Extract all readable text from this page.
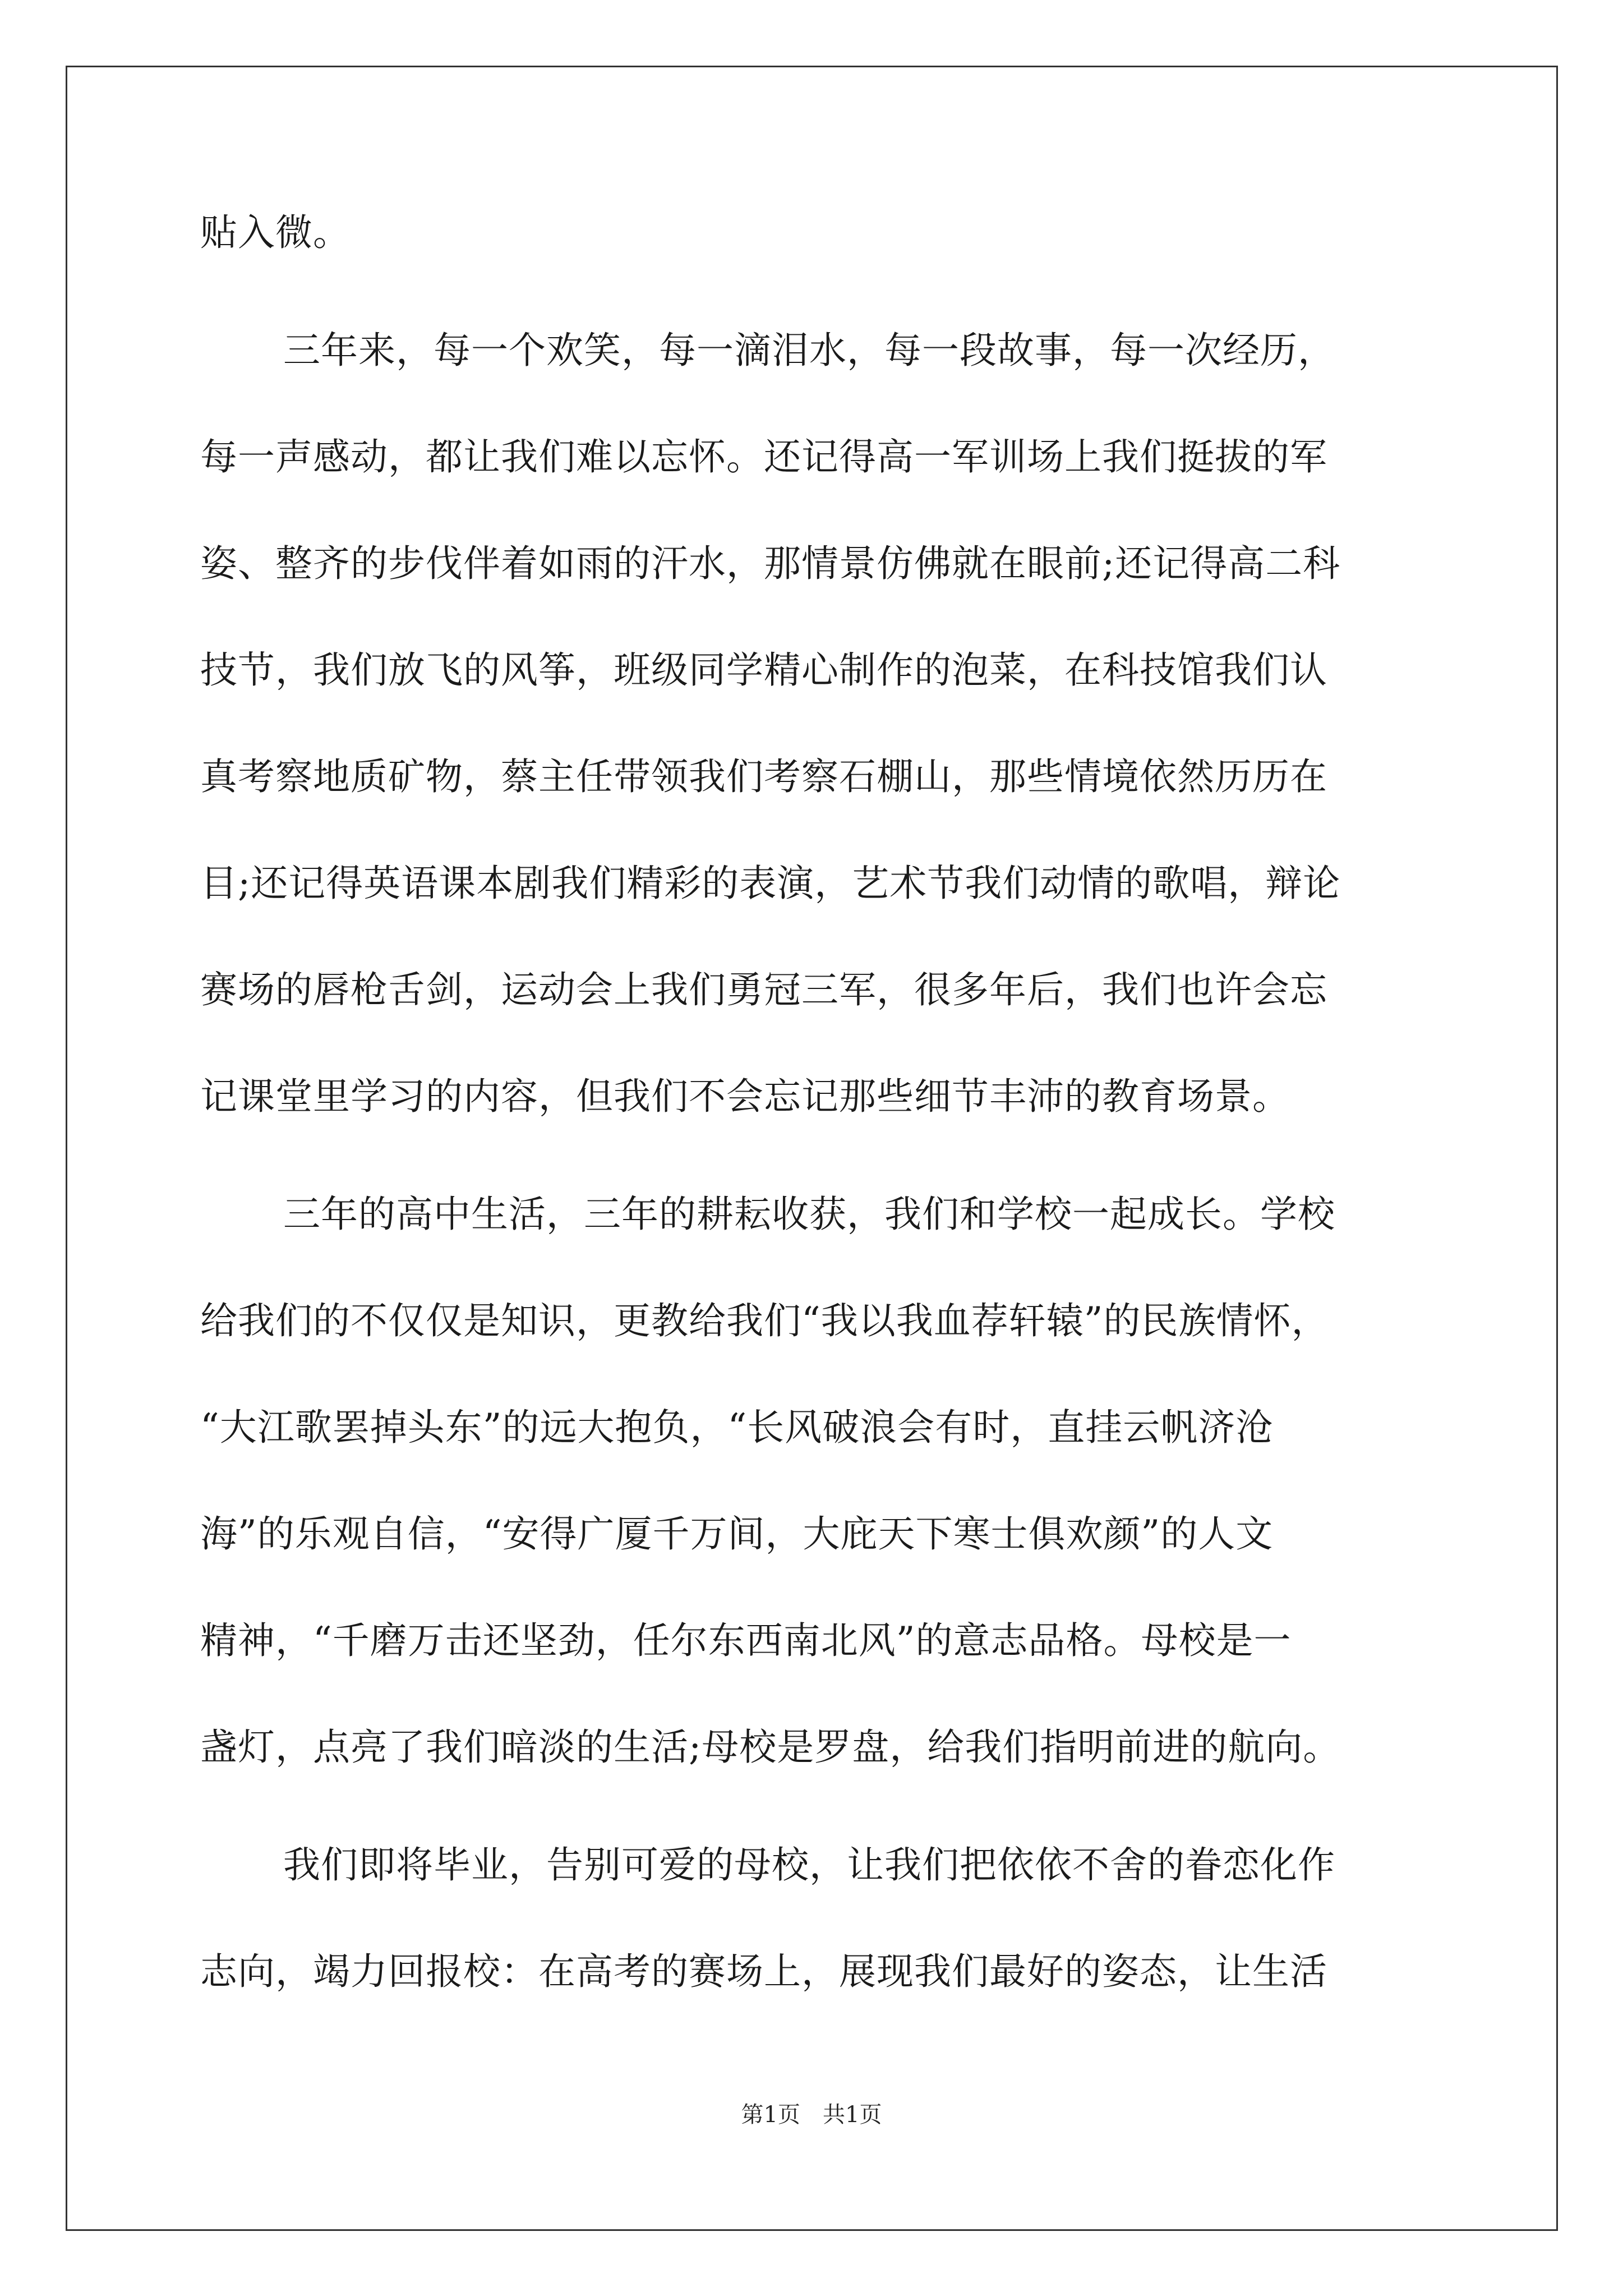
贴入微。

三年来，每一个欢笑，每一滴泪水，每一段故事，每一次经历，

每一声感动，都让我们难以忘怀。还记得高一军训场上我们挺拔的军

姿、整齐的步伐伴着如雨的汗水，那情景仿佛就在眼前;还记得高二科

技节，我们放飞的风筝，班级同学精心制作的泡菜，在科技馆我们认

真考察地质矿物，蔡主任带领我们考察石棚山，那些情境依然历历在

目;还记得英语课本剧我们精彩的表演，艺术节我们动情的歌唱，辩论

赛场的唇枪舌剑，运动会上我们勇冠三军，很多年后，我们也许会忘

记课堂里学习的内容，但我们不会忘记那些细节丰沛的教育场景。

三年的高中生活，三年的耕耘收获，我们和学校一起成长。学校

给我们的不仅仅是知识，更教给我们“我以我血荐轩辕”的民族情怀，

“大江歌罢掉头东”的远大抱负，“长风破浪会有时，直挂云帆济沧

海”的乐观自信，“安得广厦千万间，大庇天下寒士俱欢颜”的人文

精神，“千磨万击还坚劲，任尔东西南北风”的意志品格。母校是一

盏灯，点亮了我们暗淡的生活;母校是罗盘，给我们指明前进的航向。

我们即将毕业，告别可爱的母校，让我们把依依不舍的眷恋化作

志向，竭力回报校：在高考的赛场上，展现我们最好的姿态，让生活

第1页　共1页
